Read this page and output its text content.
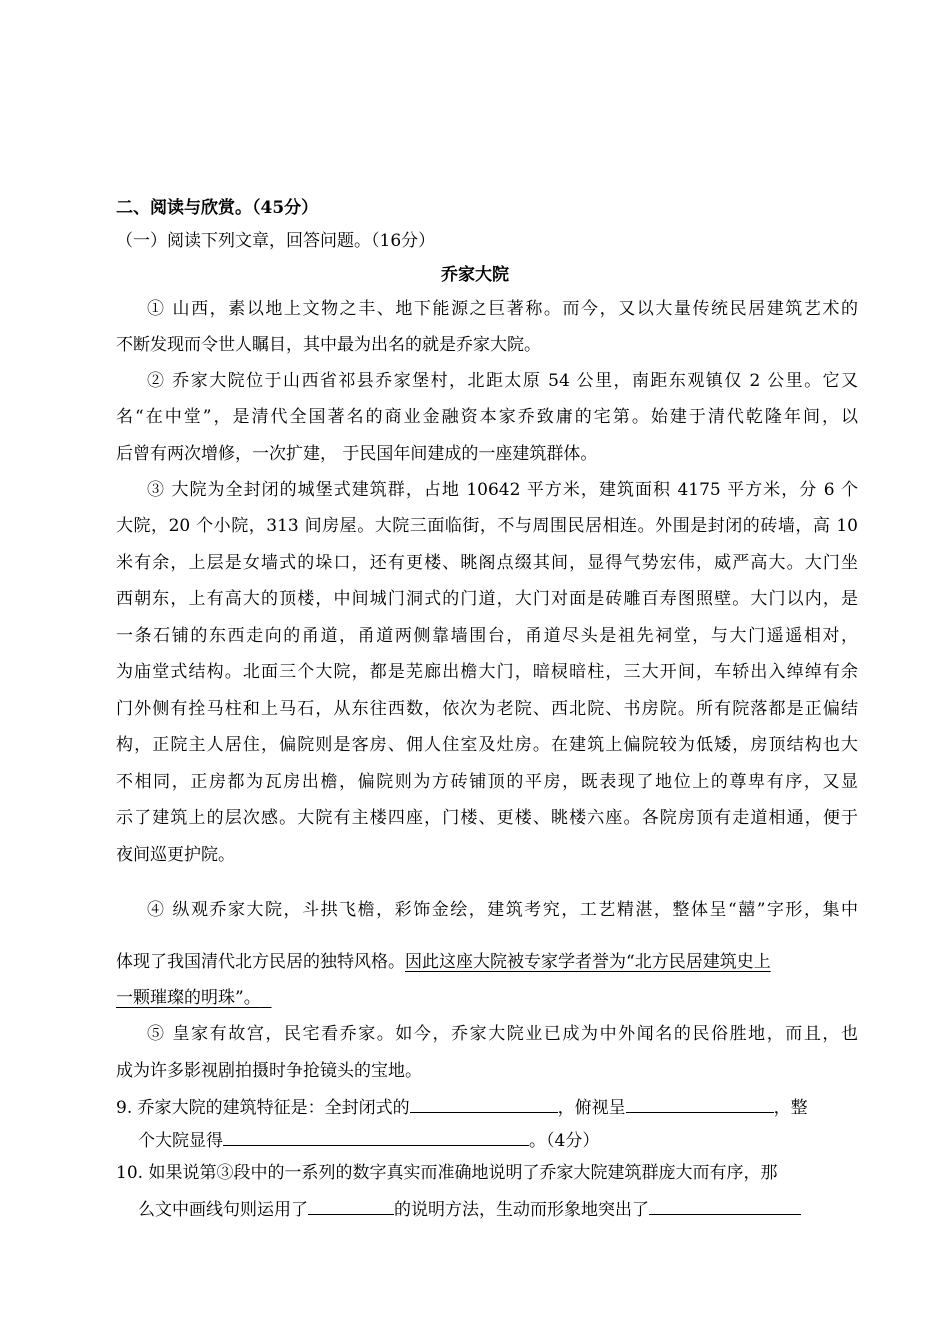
二、阅读与欣赏。（45分）
（一）阅读下列文章，回答问题。（16分）
乔家大院
① 山西，素以地上文物之丰、地下能源之巨著称。而今，又以大量传统民居建筑艺术的
不断发现而令世人瞩目，其中最为出名的就是乔家大院。
② 乔家大院位于山西省祁县乔家堡村，北距太原 54 公里，南距东观镇仅 2 公里。它又
名“在中堂”，是清代全国著名的商业金融资本家乔致庸的宅第。始建于清代乾隆年间，以
后曾有两次增修，一次扩建， 于民国年间建成的一座建筑群体。
③ 大院为全封闭的城堡式建筑群，占地 10642 平方米，建筑面积 4175 平方米，分 6 个
大院，20 个小院，313 间房屋。大院三面临街，不与周围民居相连。外围是封闭的砖墙，高 10
米有余，上层是女墙式的垛口，还有更楼、眺阁点缀其间，显得气势宏伟，威严高大。大门坐
西朝东，上有高大的顶楼，中间城门洞式的门道，大门对面是砖雕百寿图照壁。大门以内，是
一条石铺的东西走向的甬道，甬道两侧靠墙围台，甬道尽头是祖先祠堂，与大门遥遥相对，
为庙堂式结构。北面三个大院，都是芜廊出檐大门，暗棂暗柱，三大开间，车轿出入绰绰有余
门外侧有拴马柱和上马石，从东往西数，依次为老院、西北院、书房院。所有院落都是正偏结
构，正院主人居住，偏院则是客房、佣人住室及灶房。在建筑上偏院较为低矮，房顶结构也大
不相同，正房都为瓦房出檐，偏院则为方砖铺顶的平房，既表现了地位上的尊卑有序，又显
示了建筑上的层次感。大院有主楼四座，门楼、更楼、眺楼六座。各院房顶有走道相通，便于
夜间巡更护院。
④ 纵观乔家大院，斗拱飞檐，彩饰金绘，建筑考究，工艺精湛，整体呈“囍”字形，集中
体现了我国清代北方民居的独特风格。因此这座大院被专家学者誉为“北方民居建筑史上
一颗璀璨的明珠”。
⑤ 皇家有故宫，民宅看乔家。如今，乔家大院业已成为中外闻名的民俗胜地，而且，也
成为许多影视剧拍摄时争抢镜头的宝地。
9. 乔家大院的建筑特征是：全封闭式的	，俯视呈	，整
个大院显得	。（4分）
10. 如果说第③段中的一系列的数字真实而准确地说明了乔家大院建筑群庞大而有序，那
么文中画线句则运用了	的说明方法，生动而形象地突出了
